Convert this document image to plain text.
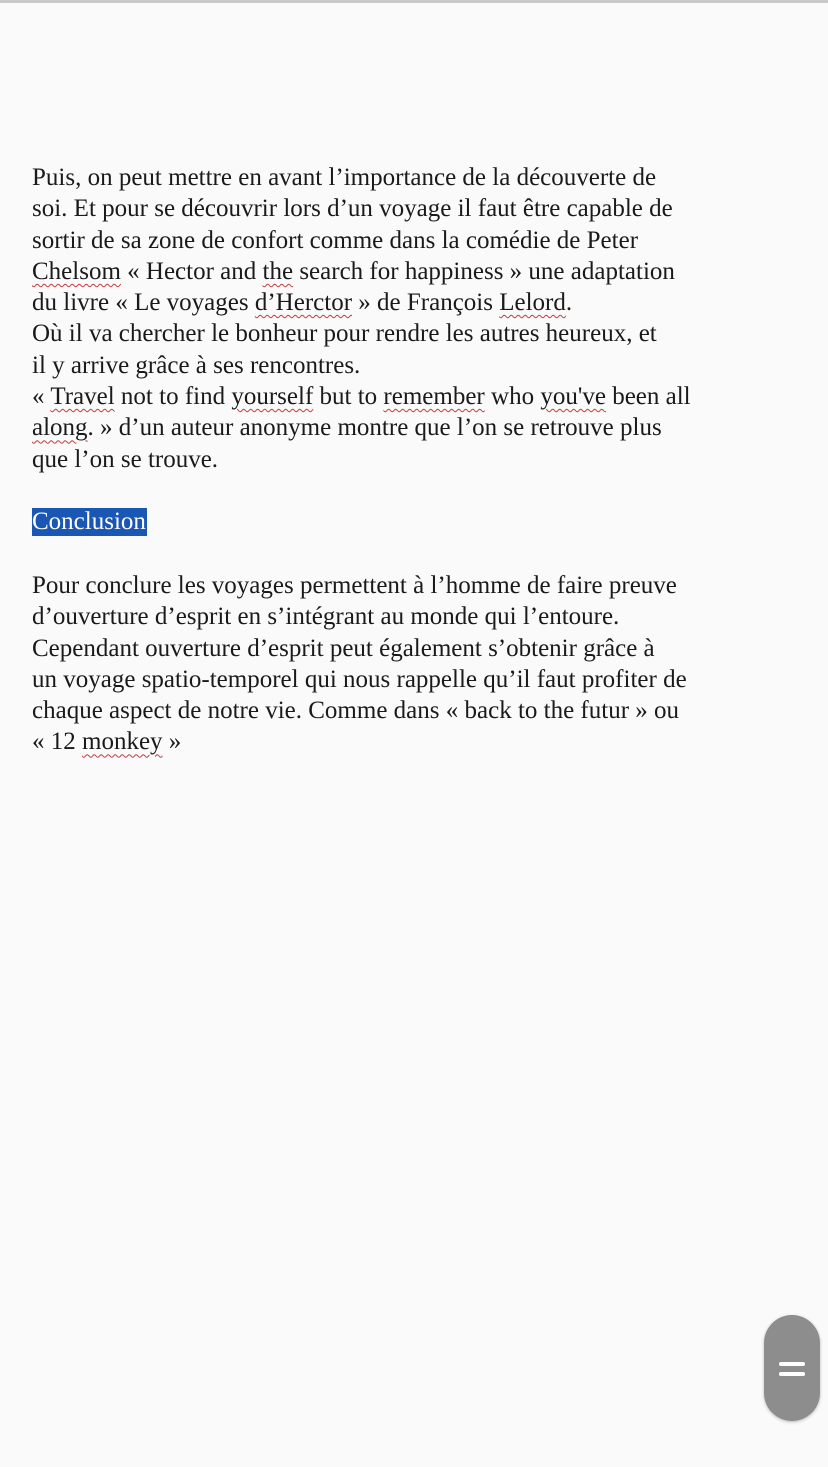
Puis, on peut mettre en avant l’importance de la découverte de
soi. Et pour se découvrir lors d’un voyage il faut être capable de
sortir de sa zone de confort comme dans la comédie de Peter
Chelsom « Hector and the search for happiness » une adaptation
du livre « Le voyages d’Herctor » de François Lelord.
Où il va chercher le bonheur pour rendre les autres heureux, et
il y arrive grâce à ses rencontres.
« Travel not to find yourself but to remember who you've been all
along. » d’un auteur anonyme montre que l’on se retrouve plus
que l’on se trouve.

Conclusion

Pour conclure les voyages permettent à l’homme de faire preuve
d’ouverture d’esprit en s’intégrant au monde qui l’entoure.
Cependant ouverture d’esprit peut également s’obtenir grâce à
un voyage spatio-temporel qui nous rappelle qu’il faut profiter de
chaque aspect de notre vie. Comme dans « back to the futur » ou
« 12 monkey »
